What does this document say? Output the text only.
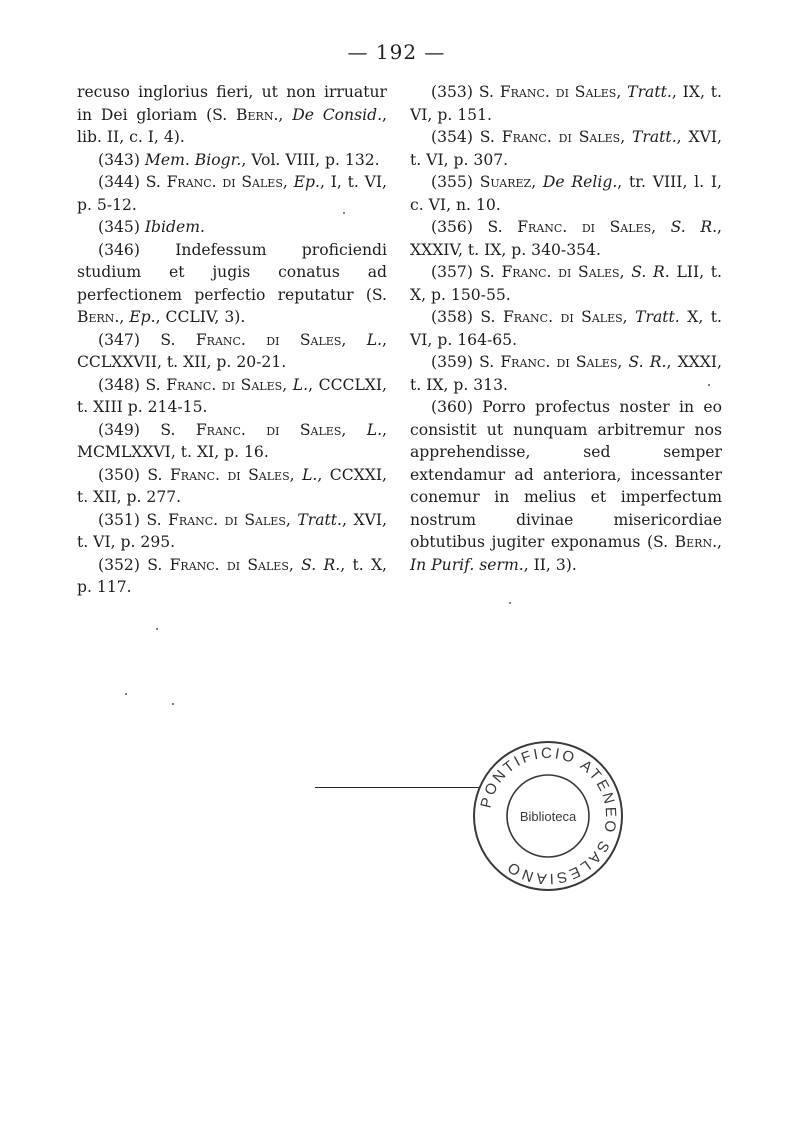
— 192 —

recuso inglorius fieri, ut non irruatur in Dei gloriam (S. Bern., De Consid., lib. II, c. I, 4).

(343) Mem. Biogr., Vol. VIII, p. 132.

(344) S. Franc. di Sales, Ep., I, t. VI, p. 5-12.

(345) Ibidem.

(346) Indefessum proficiendi studium et jugis conatus ad perfectionem perfectio reputatur (S. Bern., Ep., CCLIV, 3).

(347) S. Franc. di Sales, L., CCLXXVII, t. XII, p. 20-21.

(348) S. Franc. di Sales, L., CCCLXI, t. XIII p. 214-15.

(349) S. Franc. di Sales, L., MCMLXXVI, t. XI, p. 16.

(350) S. Franc. di Sales, L., CCXXI, t. XII, p. 277.

(351) S. Franc. di Sales, Tratt., XVI, t. VI, p. 295.

(352) S. Franc. di Sales, S. R., t. X, p. 117.

(353) S. Franc. di Sales, Tratt., IX, t. VI, p. 151.

(354) S. Franc. di Sales, Tratt., XVI, t. VI, p. 307.

(355) Suarez, De Relig., tr. VIII, l. I, c. VI, n. 10.

(356) S. Franc. di Sales, S. R., XXXIV, t. IX, p. 340-354.

(357) S. Franc. di Sales, S. R. LII, t. X, p. 150-55.

(358) S. Franc. di Sales, Tratt. X, t. VI, p. 164-65.

(359) S. Franc. di Sales, S. R., XXXI, t. IX, p. 313.

(360) Porro profectus noster in eo consistit ut nunquam arbitremur nos apprehendisse, sed semper extendamur ad anteriora, incessanter conemur in melius et imperfectum nostrum divinae misericordiae obtutibus jugiter exponamus (S. Bern., In Purif. serm., II, 3).

PONTIFICIO ATENEO SALESIANO
Biblioteca
